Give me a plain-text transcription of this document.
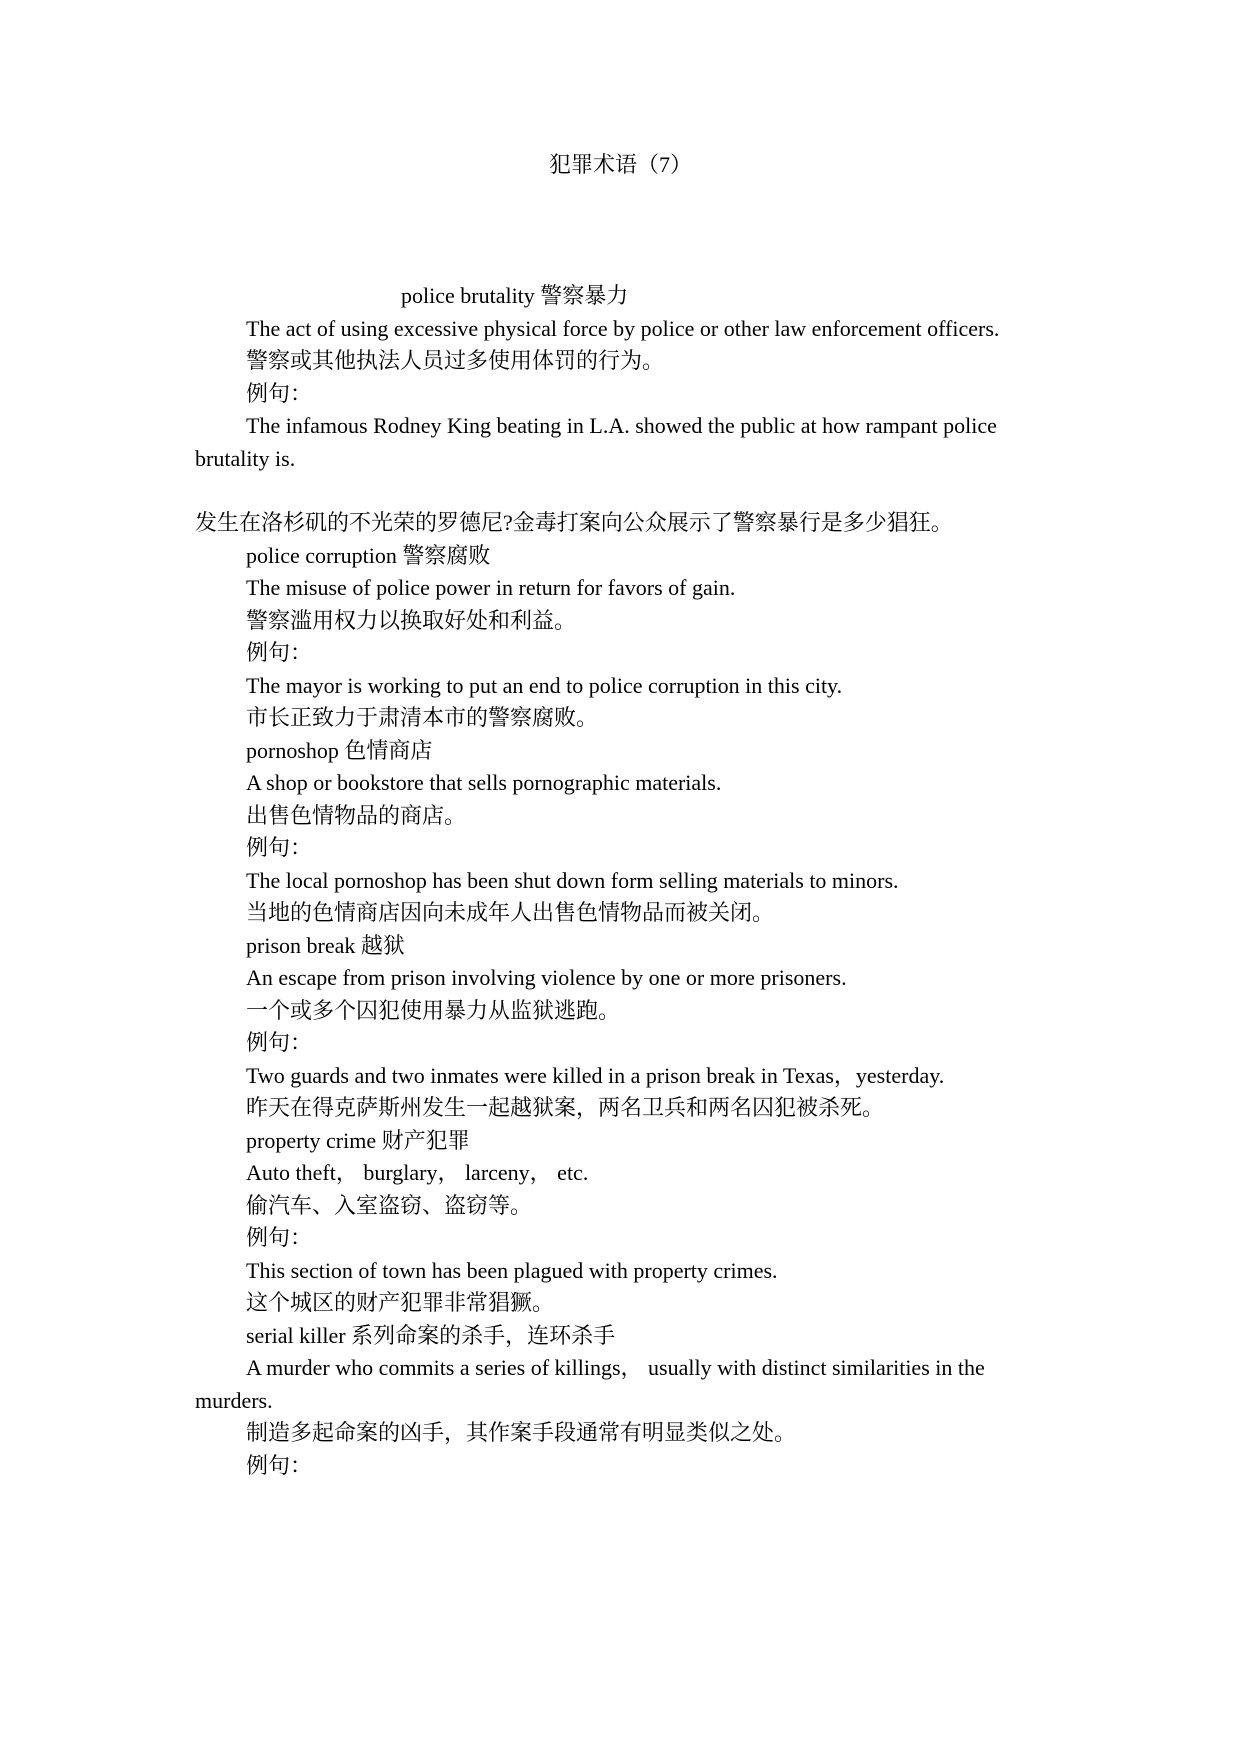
犯罪术语（7）

police brutality 警察暴力

The act of using excessive physical force by police or other law enforcement officers.

警察或其他执法人员过多使用体罚的行为。

例句：

The infamous Rodney King beating in L.A. showed the public at how rampant police brutality is.

发生在洛杉矶的不光荣的罗德尼?金毒打案向公众展示了警察暴行是多少猖狂。

police corruption 警察腐败

The misuse of police power in return for favors of gain.

警察滥用权力以换取好处和利益。

例句：

The mayor is working to put an end to police corruption in this city.

市长正致力于肃清本市的警察腐败。

pornoshop 色情商店

A shop or bookstore that sells pornographic materials.

出售色情物品的商店。

例句：

The local pornoshop has been shut down form selling materials to minors.

当地的色情商店因向未成年人出售色情物品而被关闭。

prison break 越狱

An escape from prison involving violence by one or more prisoners.

一个或多个囚犯使用暴力从监狱逃跑。

例句：

Two guards and two inmates were killed in a prison break in Texas，yesterday.

昨天在得克萨斯州发生一起越狱案，两名卫兵和两名囚犯被杀死。

property crime 财产犯罪

Auto theft， burglary， larceny， etc.

偷汽车、入室盗窃、盗窃等。

例句：

This section of town has been plagued with property crimes.

这个城区的财产犯罪非常猖獗。

serial killer 系列命案的杀手，连环杀手

A murder who commits a series of killings， usually with distinct similarities in the murders.

制造多起命案的凶手，其作案手段通常有明显类似之处。

例句：
